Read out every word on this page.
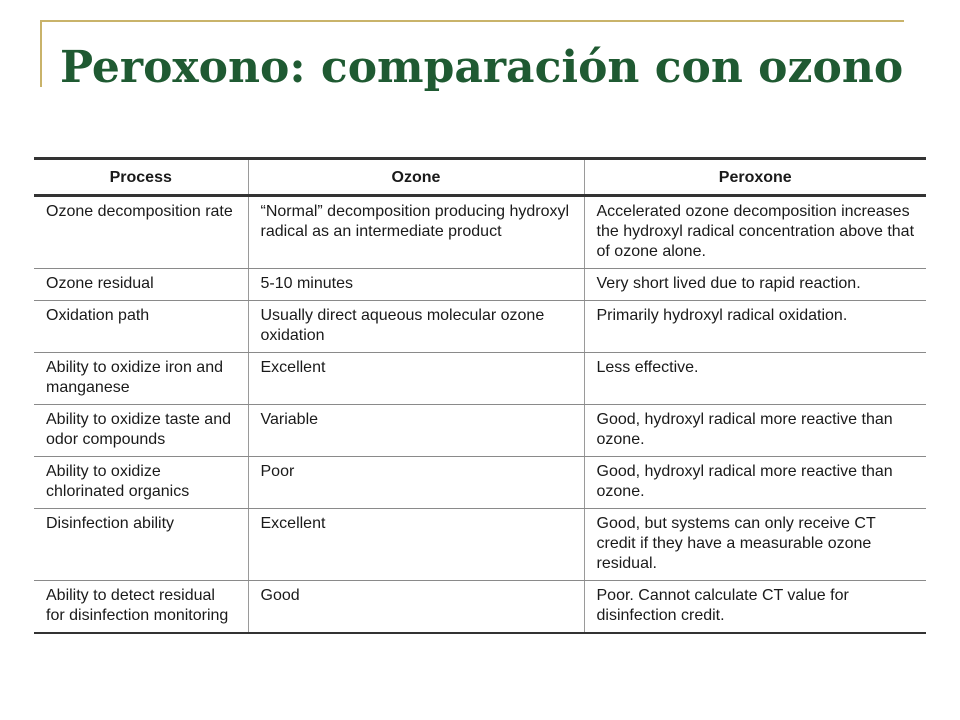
Peroxono: comparación con ozono
Process	Ozone	Peroxone
Ozone decomposition rate	“Normal” decomposition producing hydroxyl radical as an intermediate product	Accelerated ozone decomposition increases the hydroxyl radical concentration above that of ozone alone.
Ozone residual	5-10 minutes	Very short lived due to rapid reaction.
Oxidation path	Usually direct aqueous molecular ozone oxidation	Primarily hydroxyl radical oxidation.
Ability to oxidize iron and manganese	Excellent	Less effective.
Ability to oxidize taste and odor compounds	Variable	Good, hydroxyl radical more reactive than ozone.
Ability to oxidize chlorinated organics	Poor	Good, hydroxyl radical more reactive than ozone.
Disinfection ability	Excellent	Good, but systems can only receive CT credit if they have a measurable ozone residual.
Ability to detect residual for disinfection monitoring	Good	Poor. Cannot calculate CT value for disinfection credit.
